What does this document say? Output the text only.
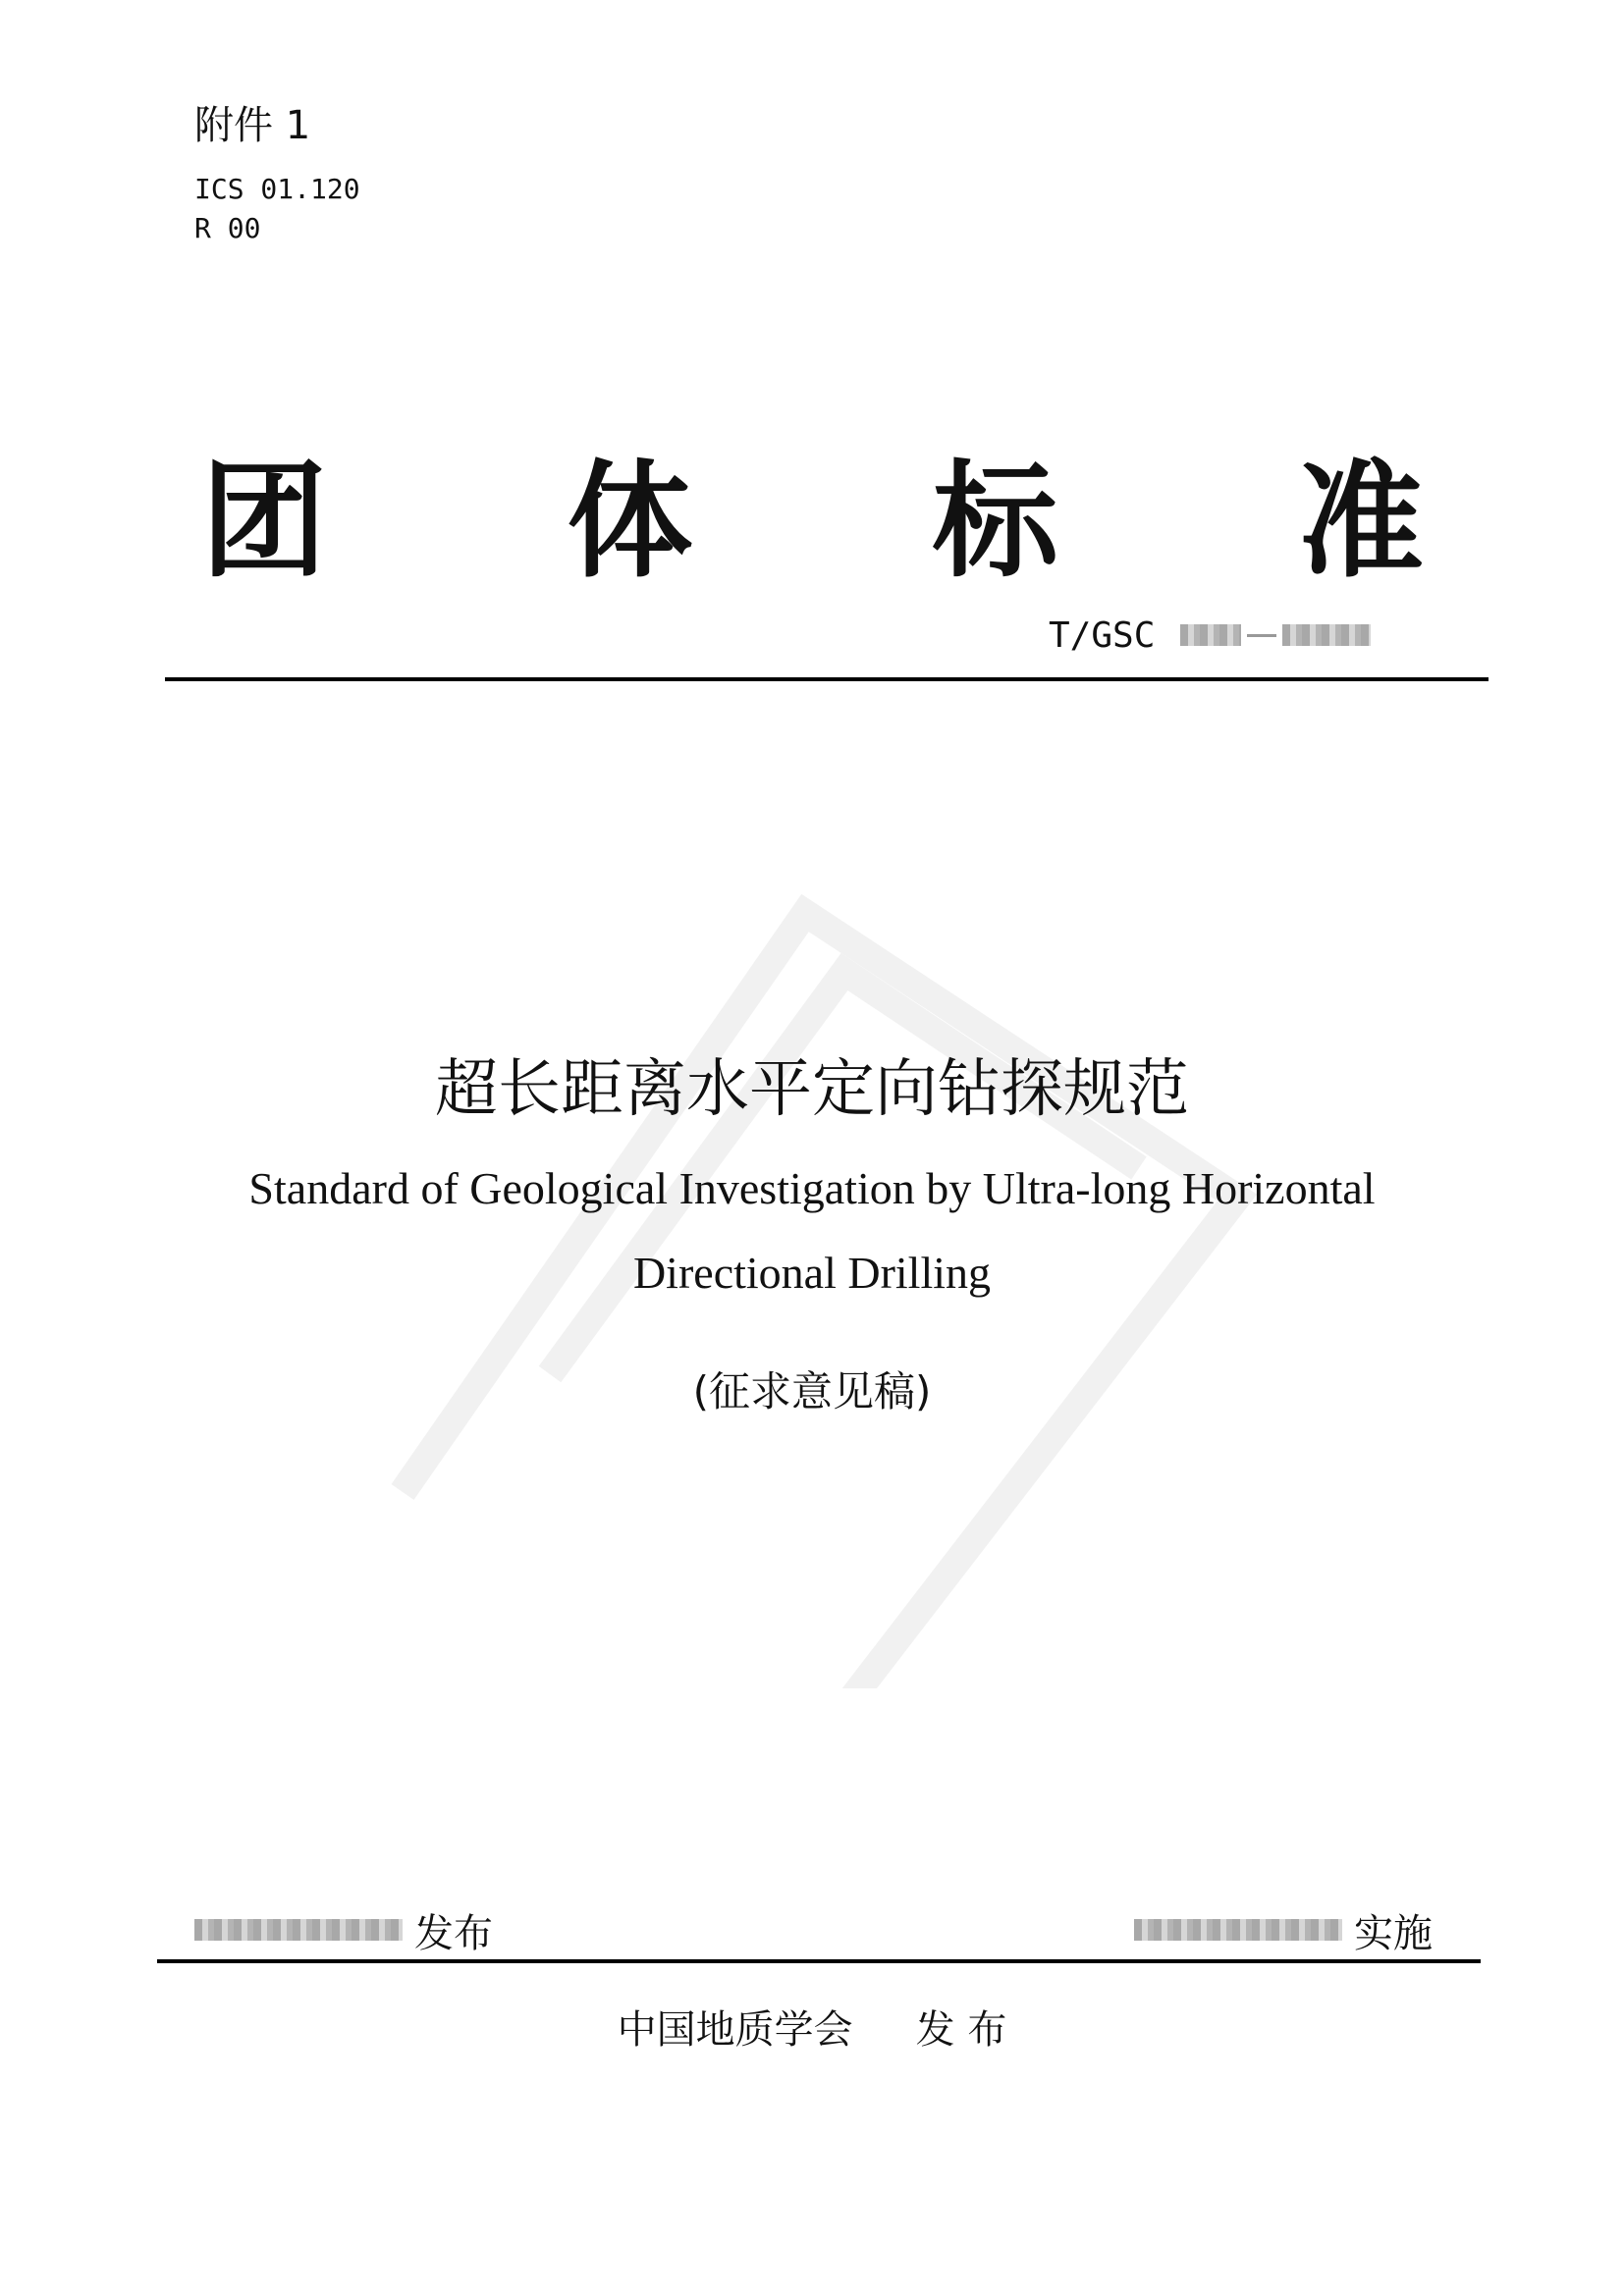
附件 1
ICS 01.120
R 00
团 体 标 准
T/GSC
超长距离水平定向钻探规范
Standard of Geological Investigation by Ultra-long Horizontal
Directional Drilling
(征求意见稿)
发布	实施
中国地质学会 发 布
